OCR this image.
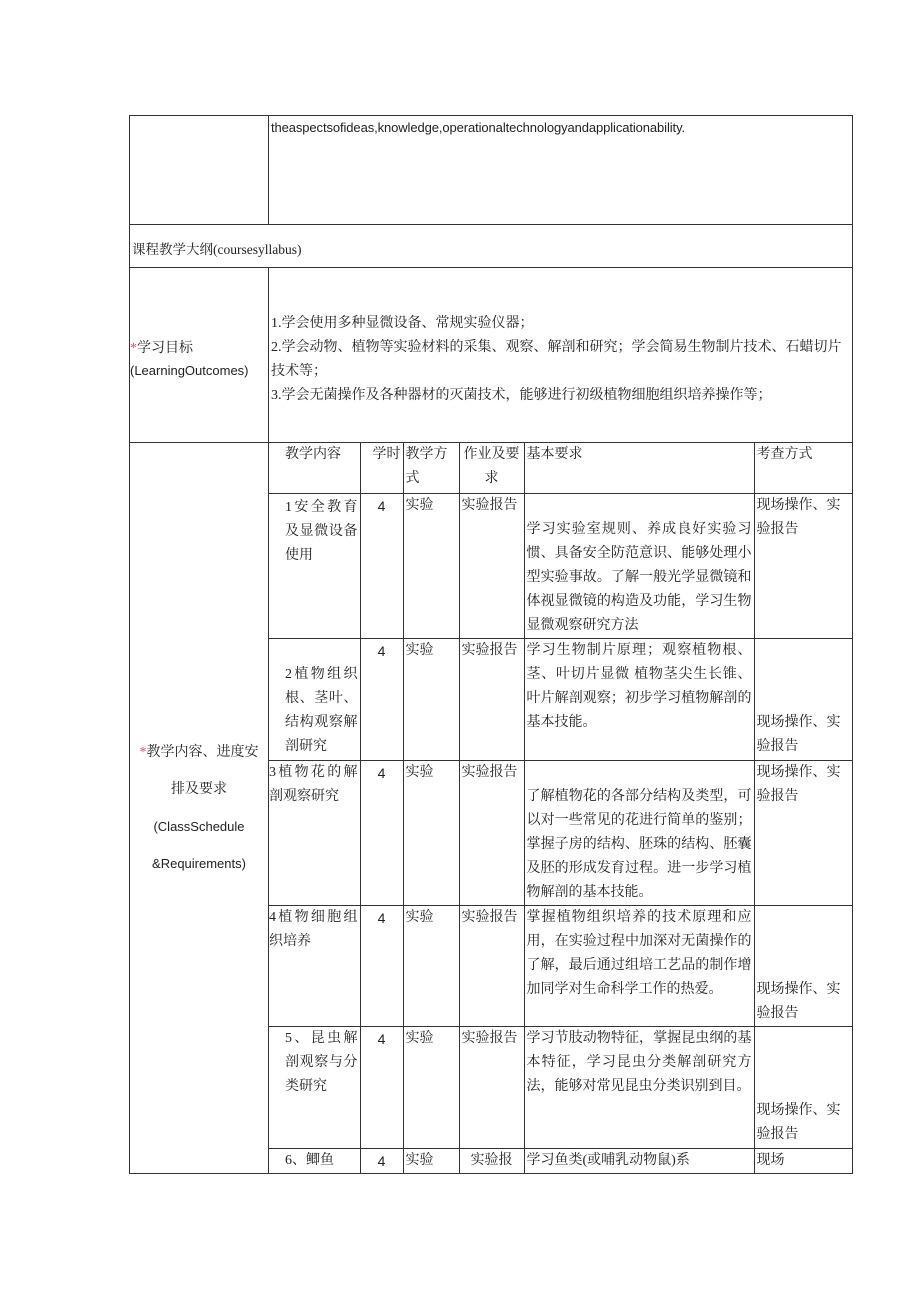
theaspectsofideas,knowledge,operationaltechnologyandapplicationability.

课程教学大纲(coursesyllabus)

*学习目标
(LearningOutcomes)

1.学会使用多种显微设备、常规实验仪器；
2.学会动物、植物等实验材料的采集、观察、解剖和研究；学会简易生物制片技术、石蜡切片技术等；
3.学会无菌操作及各种器材的灭菌技术，能够进行初级植物细胞组织培养操作等；

*教学内容、进度安
排及要求
(ClassSchedule
&Requirements)

教学内容	学时	教学方式	作业及要求	基本要求	考查方式
1安全教育及显微设备使用	4	实验	实验报告	学习实验室规则、养成良好实验习惯、具备安全防范意识、能够处理小型实验事故。了解一般光学显微镜和体视显微镜的构造及功能，学习生物显微观察研究方法	现场操作、实验报告
2植物组织根、茎叶、结构观察解剖研究	4	实验	实验报告	学习生物制片原理；观察植物根、茎、叶切片显微 植物茎尖生长锥、叶片解剖观察；初步学习植物解剖的基本技能。	现场操作、实验报告
3植物花的解剖观察研究	4	实验	实验报告	了解植物花的各部分结构及类型，可以对一些常见的花进行简单的鉴别；掌握子房的结构、胚珠的结构、胚囊及胚的形成发育过程。进一步学习植物解剖的基本技能。	现场操作、实验报告
4植物细胞组织培养	4	实验	实验报告	掌握植物组织培养的技术原理和应用，在实验过程中加深对无菌操作的了解，最后通过组培工艺品的制作增加同学对生命科学工作的热爱。	现场操作、实验报告
5、昆虫解剖观察与分类研究	4	实验	实验报告	学习节肢动物特征，掌握昆虫纲的基本特征，学习昆虫分类解剖研究方法，能够对常见昆虫分类识别到目。	现场操作、实验报告
6、鲫鱼	4	实验	实验报	学习鱼类(或哺乳动物鼠)系	现场
